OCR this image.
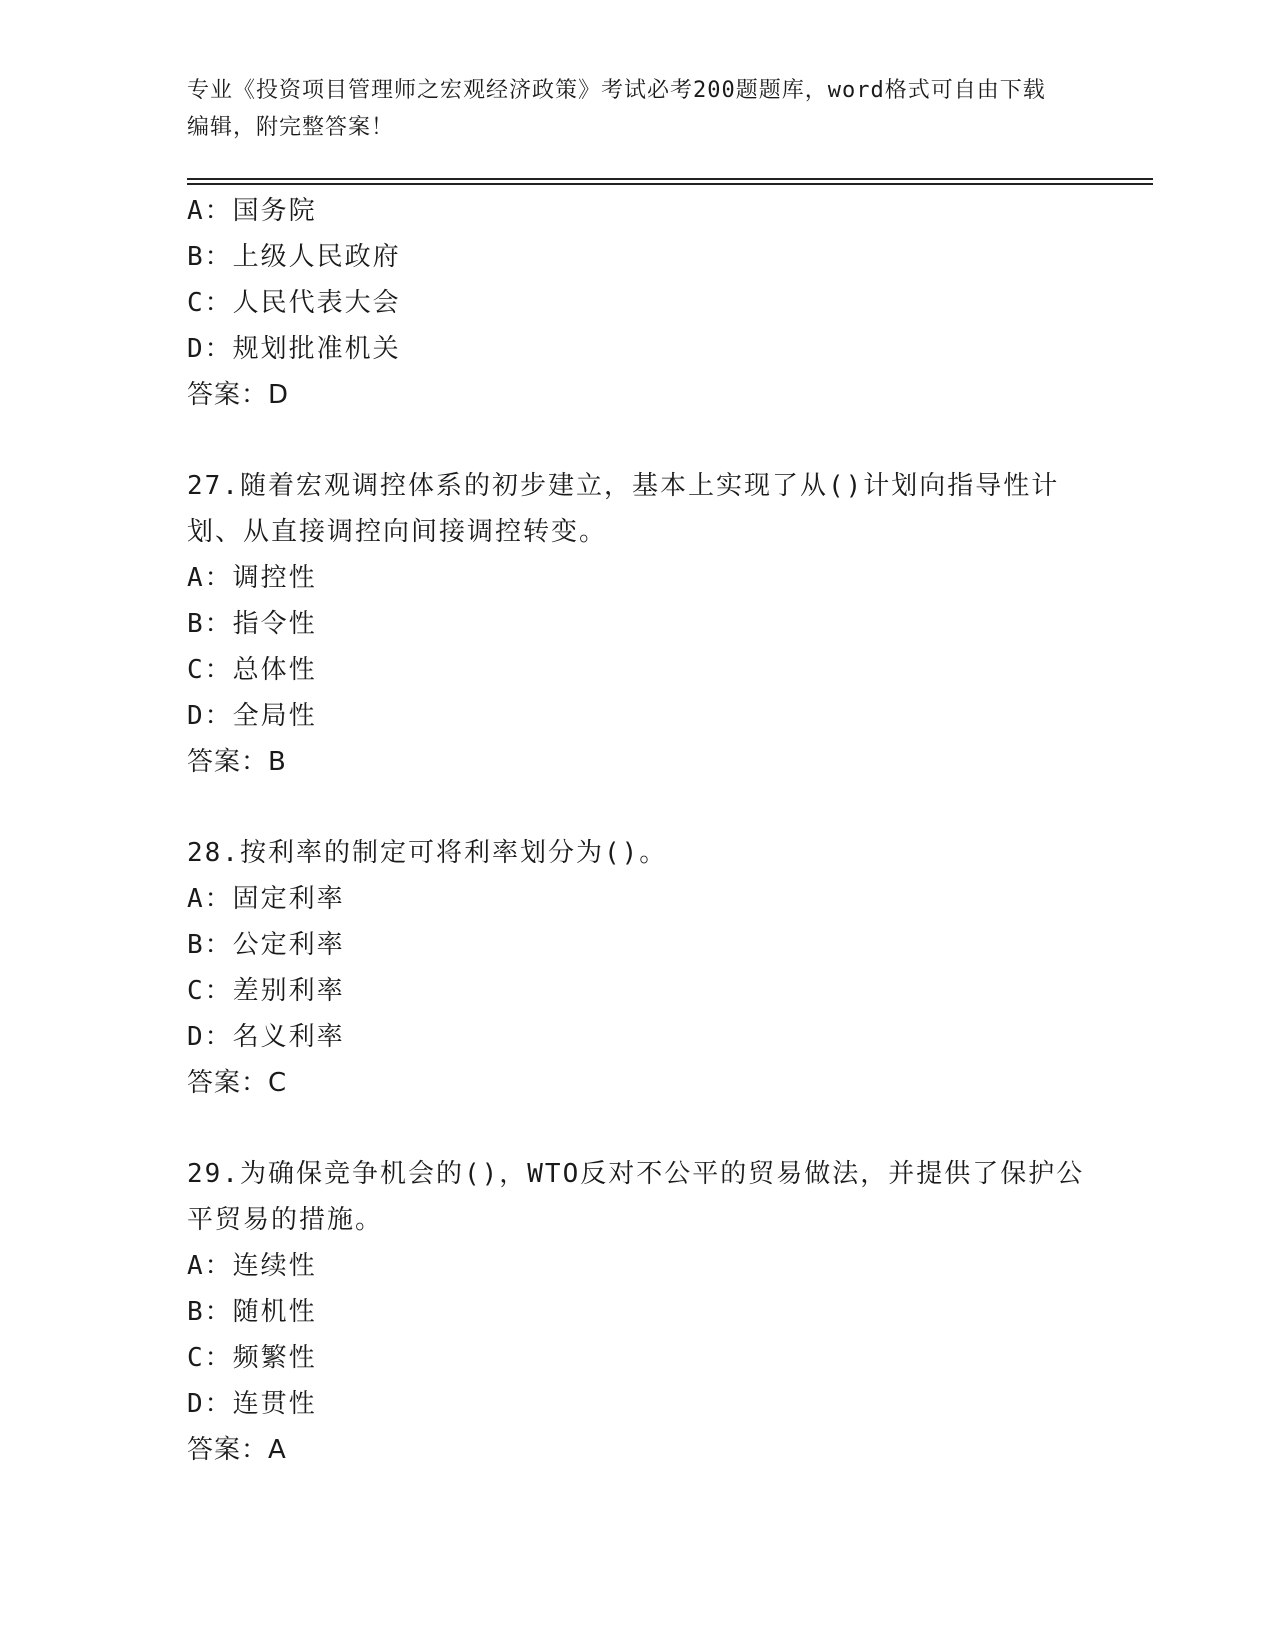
专业《投资项目管理师之宏观经济政策》考试必考200题题库，word格式可自由下载编辑，附完整答案！
A：国务院
B：上级人民政府
C：人民代表大会
D：规划批准机关
答案：D
27.随着宏观调控体系的初步建立，基本上实现了从()计划向指导性计划、从直接调控向间接调控转变。
A：调控性
B：指令性
C：总体性
D：全局性
答案：B
28.按利率的制定可将利率划分为()。
A：固定利率
B：公定利率
C：差别利率
D：名义利率
答案：C
29.为确保竞争机会的()，WTO反对不公平的贸易做法，并提供了保护公平贸易的措施。
A：连续性
B：随机性
C：频繁性
D：连贯性
答案：A
